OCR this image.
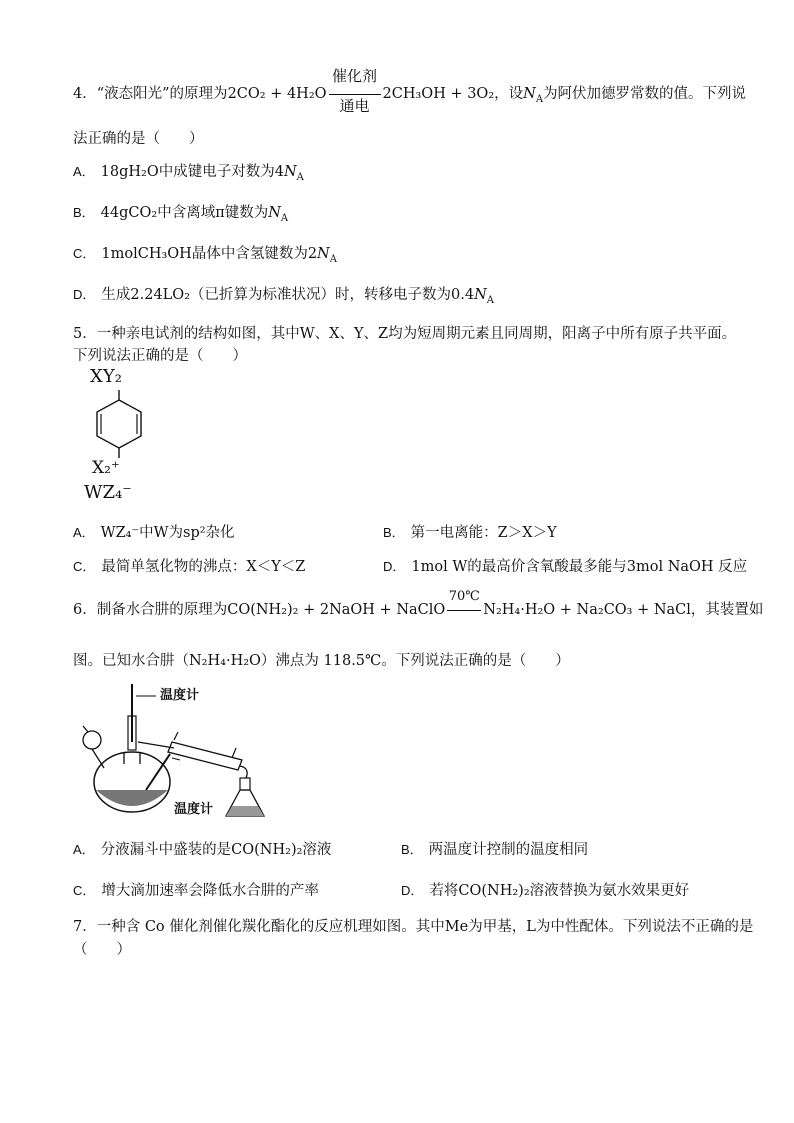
4．“液态阳光”的原理为2CO₂ + 4H₂O
催化剂
通电
2CH₃OH + 3O₂，设$N_A$为阿伏加德罗常数的值。下列说
法正确的是（　　）
A． 18gH₂O中成键电子对数为$4N_A$
B． 44gCO₂中含离域π键数为$N_A$
C． 1molCH₃OH晶体中含氢键数为$2N_A$
D． 生成2.24LO₂（已折算为标准状况）时，转移电子数为$0.4N_A$
5．一种亲电试剂的结构如图，其中W、X、Y、Z均为短周期元素且同周期，阳离子中所有原子共平面。
下列说法正确的是（　　）
XY₂
X₂⁺
WZ₄⁻
A． WZ₄⁻中W为sp²杂化	B． 第一电离能：Z＞X＞Y
C． 最简单氢化物的沸点：X＜Y＜Z	D． 1mol W的最高价含氧酸最多能与3mol NaOH 反应
6．制备水合肼的原理为CO(NH₂)₂ + 2NaOH + NaClO
70℃
N₂H₄·H₂O + Na₂CO₃ + NaCl，其装置如
图。已知水合肼（N₂H₄·H₂O）沸点为 118.5℃。下列说法正确的是（　　）
温度计
温度计
A． 分液漏斗中盛装的是CO(NH₂)₂溶液	B． 两温度计控制的温度相同
C． 增大滴加速率会降低水合肼的产率	D． 若将CO(NH₂)₂溶液替换为氨水效果更好
7．一种含 Co 催化剂催化羰化酯化的反应机理如图。其中Me为甲基，L为中性配体。下列说法不正确的是
（　　）
